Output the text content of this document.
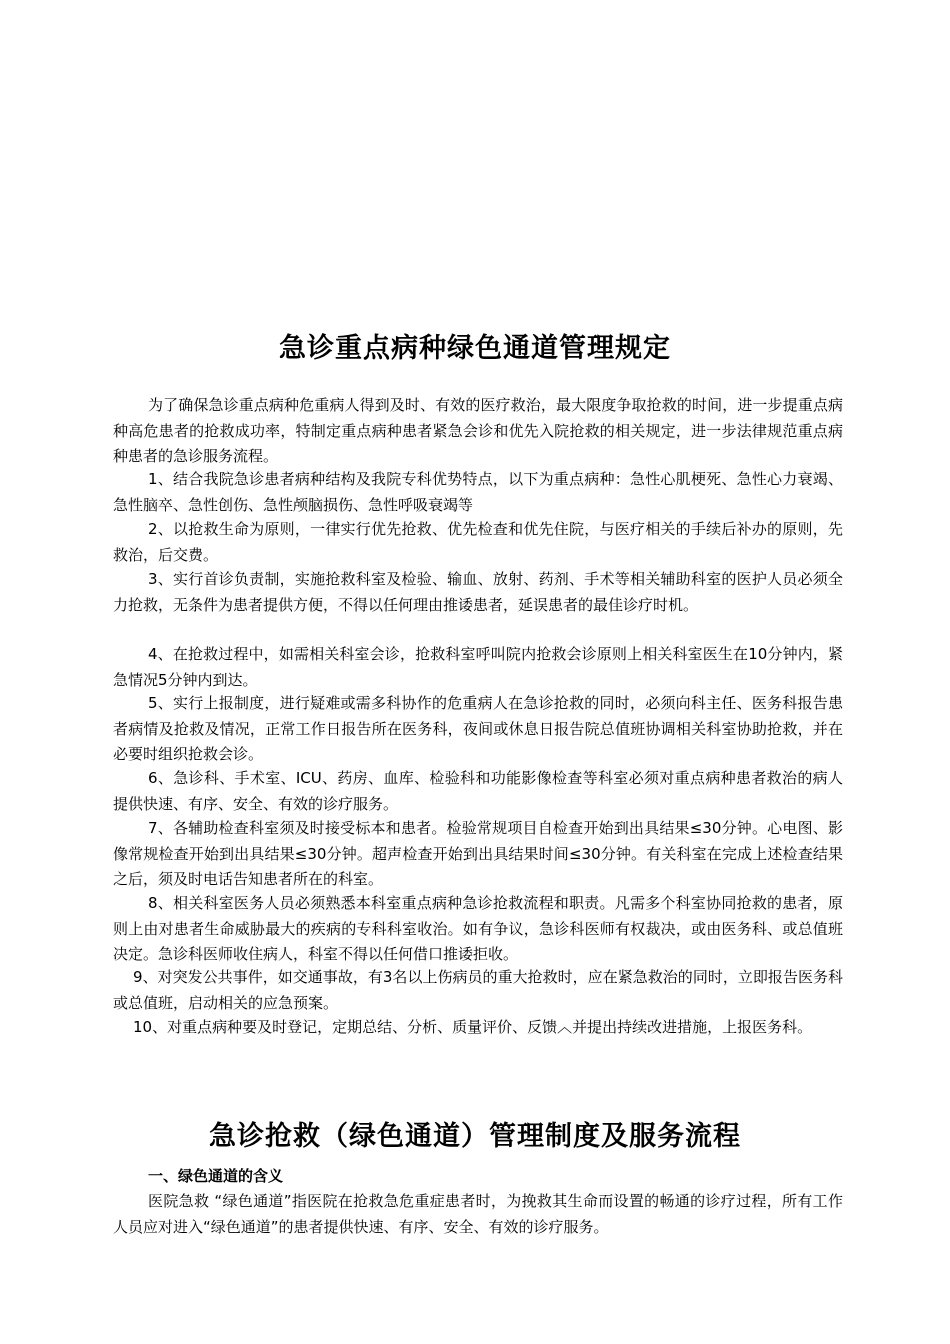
急诊重点病种绿色通道管理规定
为了确保急诊重点病种危重病人得到及时、有效的医疗救治，最大限度争取抢救的时间，进一步提重点病种高危患者的抢救成功率，特制定重点病种患者紧急会诊和优先入院抢救的相关规定，进一步法律规范重点病种患者的急诊服务流程。
1、结合我院急诊患者病种结构及我院专科优势特点，以下为重点病种：急性心肌梗死、急性心力衰竭、急性脑卒、急性创伤、急性颅脑损伤、急性呼吸衰竭等
2、以抢救生命为原则，一律实行优先抢救、优先检查和优先住院，与医疗相关的手续后补办的原则，先救治，后交费。
3、实行首诊负责制，实施抢救科室及检验、输血、放射、药剂、手术等相关辅助科室的医护人员必须全力抢救，无条件为患者提供方便，不得以任何理由推诿患者，延误患者的最佳诊疗时机。
4、在抢救过程中，如需相关科室会诊，抢救科室呼叫院内抢救会诊原则上相关科室医生在10分钟内，紧急情况5分钟内到达。
5、实行上报制度，进行疑难或需多科协作的危重病人在急诊抢救的同时，必须向科主任、医务科报告患者病情及抢救及情况，正常工作日报告所在医务科，夜间或休息日报告院总值班协调相关科室协助抢救，并在必要时组织抢救会诊。
6、急诊科、手术室、ICU、药房、血库、检验科和功能影像检查等科室必须对重点病种患者救治的病人提供快速、有序、安全、有效的诊疗服务。
7、各辅助检查科室须及时接受标本和患者。检验常规项目自检查开始到出具结果≤30分钟。心电图、影像常规检查开始到出具结果≤30分钟。超声检查开始到出具结果时间≤30分钟。有关科室在完成上述检查结果之后，须及时电话告知患者所在的科室。
8、相关科室医务人员必须熟悉本科室重点病种急诊抢救流程和职责。凡需多个科室协同抢救的患者，原则上由对患者生命威胁最大的疾病的专科科室收治。如有争议，急诊科医师有权裁决，或由医务科、或总值班决定。急诊科医师收住病人，科室不得以任何借口推诿拒收。
9、对突发公共事件，如交通事故，有3名以上伤病员的重大抢救时，应在紧急救治的同时，立即报告医务科或总值班，启动相关的应急预案。
10、对重点病种要及时登记，定期总结、分析、质量评价、反馈︿并提出持续改进措施，上报医务科。
急诊抢救（绿色通道）管理制度及服务流程
一、绿色通道的含义
医院急救 “绿色通道”指医院在抢救急危重症患者时，为挽救其生命而设置的畅通的诊疗过程，所有工作人员应对进入“绿色通道”的患者提供快速、有序、安全、有效的诊疗服务。
